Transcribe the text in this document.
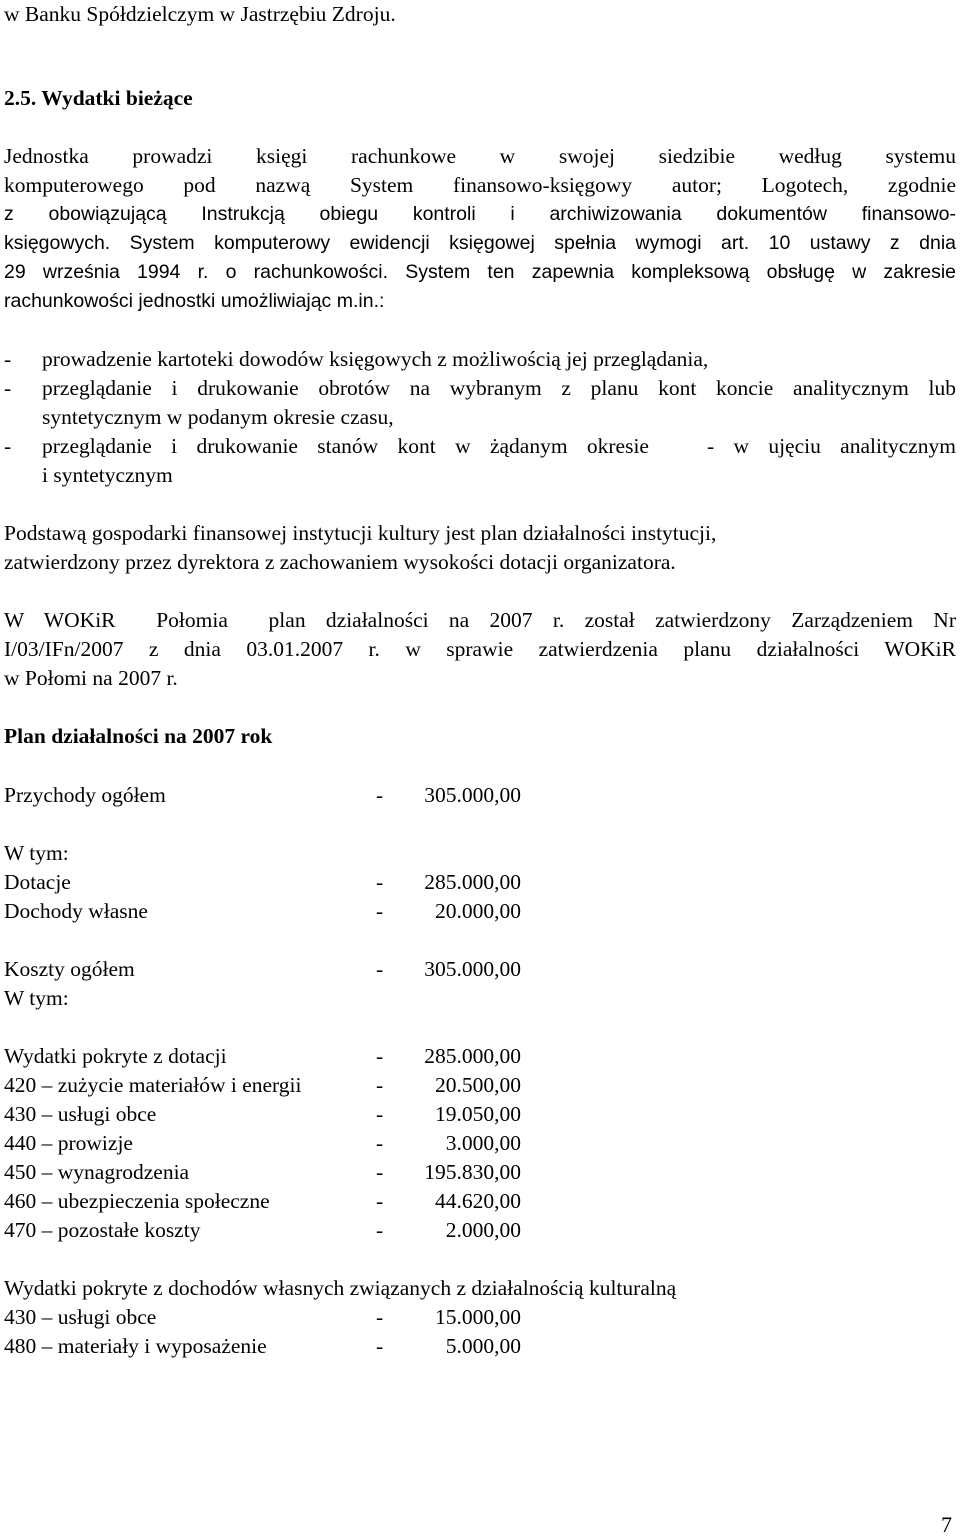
w Banku Spółdzielczym w Jastrzębiu Zdroju.
2.5. Wydatki bieżące
Jednostka prowadzi księgi rachunkowe w swojej siedzibie według systemu
komputerowego pod nazwą System finansowo-księgowy autor; Logotech, zgodnie
z obowiązującą Instrukcją obiegu kontroli i archiwizowania dokumentów finansowo-
księgowych. System komputerowy ewidencji księgowej spełnia wymogi art. 10 ustawy z dnia
29 września 1994 r. o rachunkowości. System ten zapewnia kompleksową obsługę w zakresie
rachunkowości jednostki umożliwiając m.in.:
- prowadzenie kartoteki dowodów księgowych z możliwością jej przeglądania,
- przeglądanie i drukowanie obrotów na wybranym z planu kont koncie analitycznym lub
syntetycznym w podanym okresie czasu,
- przeglądanie i drukowanie stanów kont w żądanym okresie   - w ujęciu analitycznym
i syntetycznym
Podstawą gospodarki finansowej instytucji kultury jest plan działalności instytucji,
zatwierdzony przez dyrektora z zachowaniem wysokości dotacji organizatora.
W WOKiR  Połomia  plan działalności na 2007 r. został zatwierdzony Zarządzeniem Nr
I/03/IFn/2007 z dnia 03.01.2007 r. w sprawie zatwierdzenia planu działalności WOKiR
w Połomi na 2007 r.
Plan działalności na 2007 rok
Przychody ogółem	-	305.000,00
W tym:
Dotacje	-	285.000,00
Dochody własne	-	20.000,00
Koszty ogółem	-	305.000,00
W tym:
Wydatki pokryte z dotacji	-	285.000,00
420 – zużycie materiałów i energii	-	20.500,00
430 – usługi obce	-	19.050,00
440 – prowizje	-	3.000,00
450 – wynagrodzenia	-	195.830,00
460 – ubezpieczenia społeczne	-	44.620,00
470 – pozostałe koszty	-	2.000,00
Wydatki pokryte z dochodów własnych związanych z działalnością kulturalną
430 – usługi obce	-	15.000,00
480 – materiały i wyposażenie	-	5.000,00
7
